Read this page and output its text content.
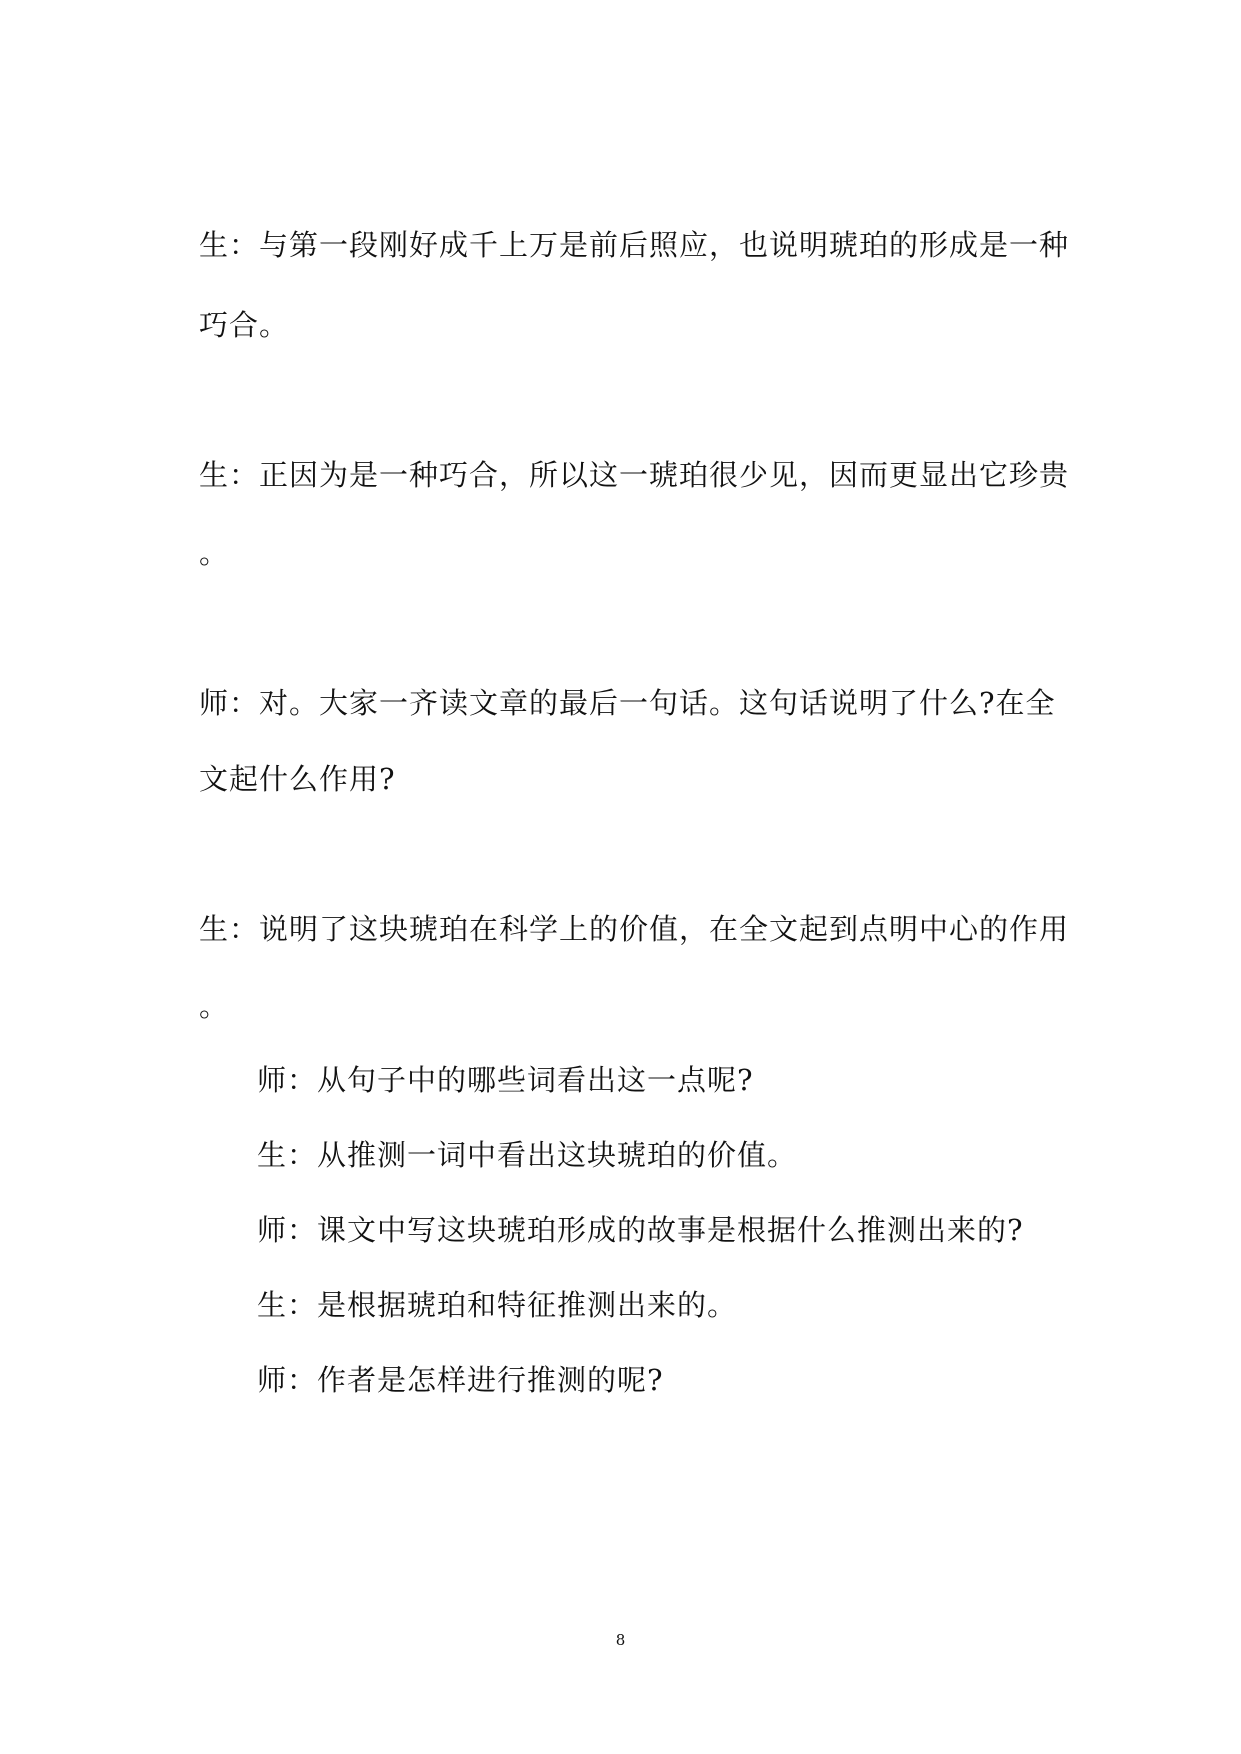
生：与第一段刚好成千上万是前后照应，也说明琥珀的形成是一种
巧合。
生：正因为是一种巧合，所以这一琥珀很少见，因而更显出它珍贵
。
师：对。大家一齐读文章的最后一句话。这句话说明了什么?在全
文起什么作用?
生：说明了这块琥珀在科学上的价值，在全文起到点明中心的作用
。
师：从句子中的哪些词看出这一点呢?
生：从推测一词中看出这块琥珀的价值。
师：课文中写这块琥珀形成的故事是根据什么推测出来的?
生：是根据琥珀和特征推测出来的。
师：作者是怎样进行推测的呢?
8
